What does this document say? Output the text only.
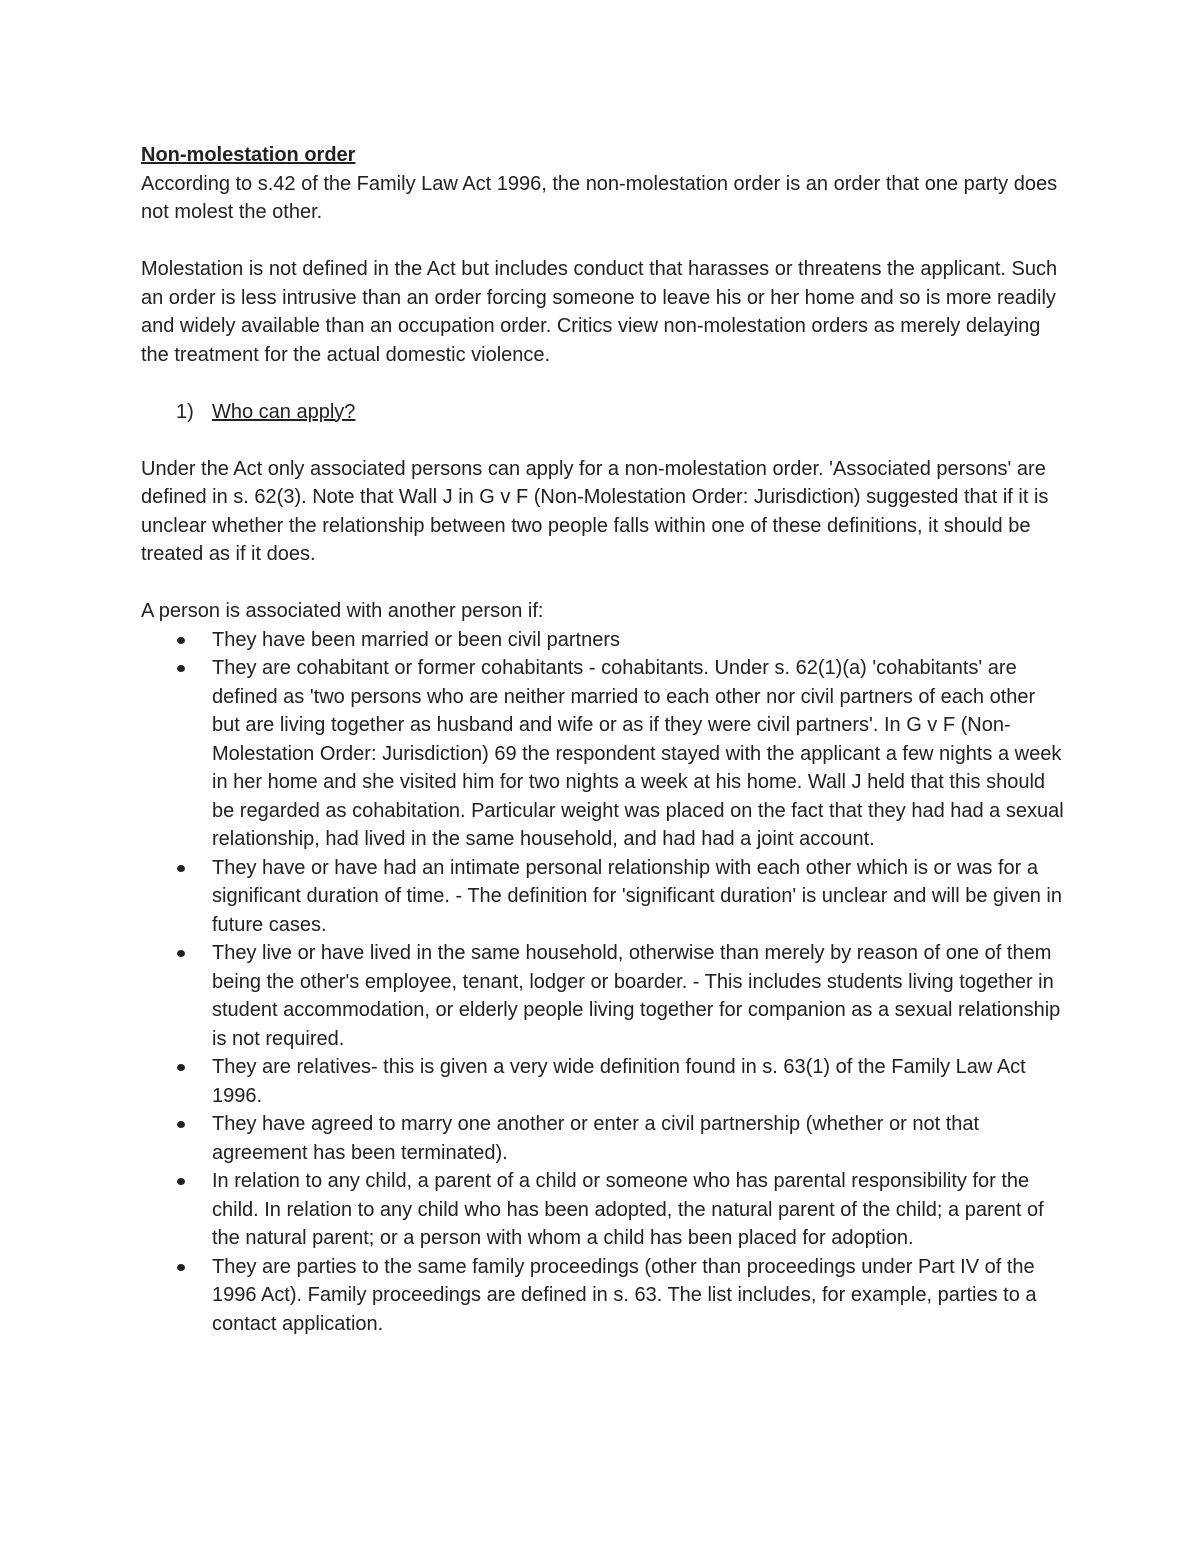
Non-molestation order

According to s.42 of the Family Law Act 1996, the non-molestation order is an order that one party does not molest the other.

Molestation is not defined in the Act but includes conduct that harasses or threatens the applicant. Such an order is less intrusive than an order forcing someone to leave his or her home and so is more readily and widely available than an occupation order. Critics view non-molestation orders as merely delaying the treatment for the actual domestic violence.

1) Who can apply?

Under the Act only associated persons can apply for a non-molestation order. 'Associated persons' are defined in s. 62(3). Note that Wall J in G v F (Non-Molestation Order: Jurisdiction) suggested that if it is unclear whether the relationship between two people falls within one of these definitions, it should be treated as if it does.

A person is associated with another person if:

They have been married or been civil partners
They are cohabitant or former cohabitants - cohabitants. Under s. 62(1)(a) 'cohabitants' are defined as 'two persons who are neither married to each other nor civil partners of each other but are living together as husband and wife or as if they were civil partners'. In G v F (Non-Molestation Order: Jurisdiction) 69 the respondent stayed with the applicant a few nights a week in her home and she visited him for two nights a week at his home. Wall J held that this should be regarded as cohabitation. Particular weight was placed on the fact that they had had a sexual relationship, had lived in the same household, and had had a joint account.
They have or have had an intimate personal relationship with each other which is or was for a significant duration of time. - The definition for 'significant duration' is unclear and will be given in future cases.
They live or have lived in the same household, otherwise than merely by reason of one of them being the other's employee, tenant, lodger or boarder. - This includes students living together in student accommodation, or elderly people living together for companion as a sexual relationship is not required.
They are relatives- this is given a very wide definition found in s. 63(1) of the Family Law Act 1996.
They have agreed to marry one another or enter a civil partnership (whether or not that agreement has been terminated).
In relation to any child, a parent of a child or someone who has parental responsibility for the child. In relation to any child who has been adopted, the natural parent of the child; a parent of the natural parent; or a person with whom a child has been placed for adoption.
They are parties to the same family proceedings (other than proceedings under Part IV of the 1996 Act). Family proceedings are defined in s. 63. The list includes, for example, parties to a contact application.
